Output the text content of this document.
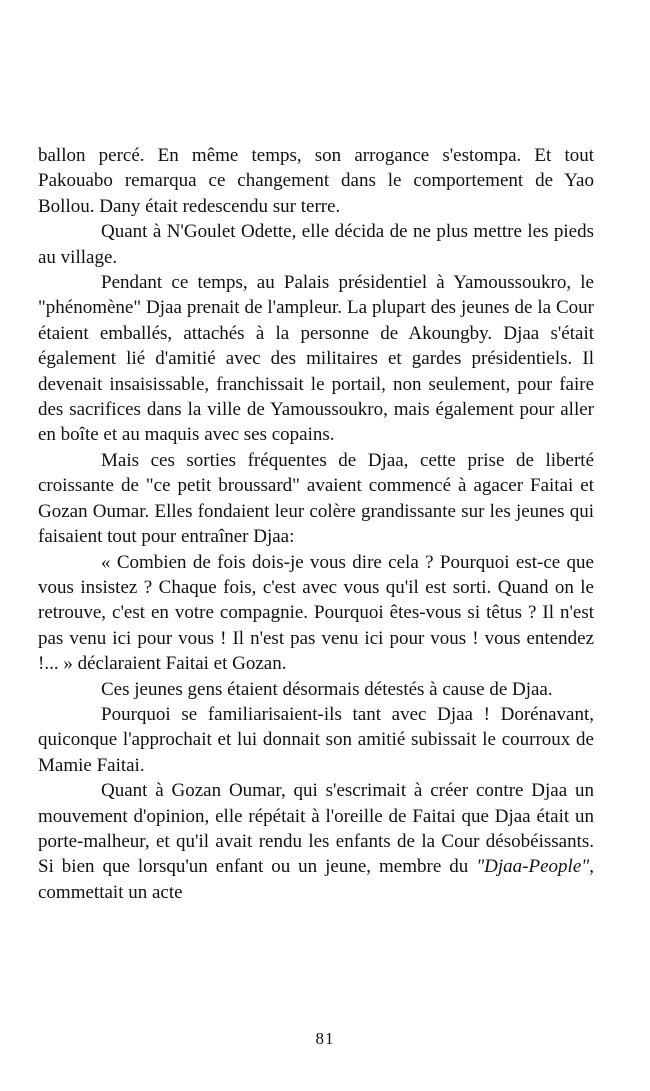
ballon percé. En même temps, son arrogance s'estompa. Et tout Pakouabo remarqua ce changement dans le comportement de Yao Bollou. Dany était redescendu sur terre.

Quant à N'Goulet Odette, elle décida de ne plus mettre les pieds au village.

Pendant ce temps, au Palais présidentiel à Yamoussoukro, le "phénomène" Djaa prenait de l'ampleur. La plupart des jeunes de la Cour étaient emballés, attachés à la personne de Akoungby. Djaa s'était également lié d'amitié avec des militaires et gardes présidentiels. Il devenait insaisissable, franchissait le portail, non seulement, pour faire des sacrifices dans la ville de Yamoussoukro, mais également pour aller en boîte et au maquis avec ses copains.

Mais ces sorties fréquentes de Djaa, cette prise de liberté croissante de "ce petit broussard" avaient commencé à agacer Faitai et Gozan Oumar. Elles fondaient leur colère grandissante sur les jeunes qui faisaient tout pour entraîner Djaa:

« Combien de fois dois-je vous dire cela ? Pourquoi est-ce que vous insistez ? Chaque fois, c'est avec vous qu'il est sorti. Quand on le retrouve, c'est en votre compagnie. Pourquoi êtes-vous si têtus ? Il n'est pas venu ici pour vous ! Il n'est pas venu ici pour vous ! vous entendez !... » déclaraient Faitai et Gozan.

Ces jeunes gens étaient désormais détestés à cause de Djaa.

Pourquoi se familiarisaient-ils tant avec Djaa ! Dorénavant, quiconque l'approchait et lui donnait son amitié subissait le courroux de Mamie Faitai.

Quant à Gozan Oumar, qui s'escrimait à créer contre Djaa un mouvement d'opinion, elle répétait à l'oreille de Faitai que Djaa était un porte-malheur, et qu'il avait rendu les enfants de la Cour désobéissants. Si bien que lorsqu'un enfant ou un jeune, membre du "Djaa-People", commettait un acte

81
